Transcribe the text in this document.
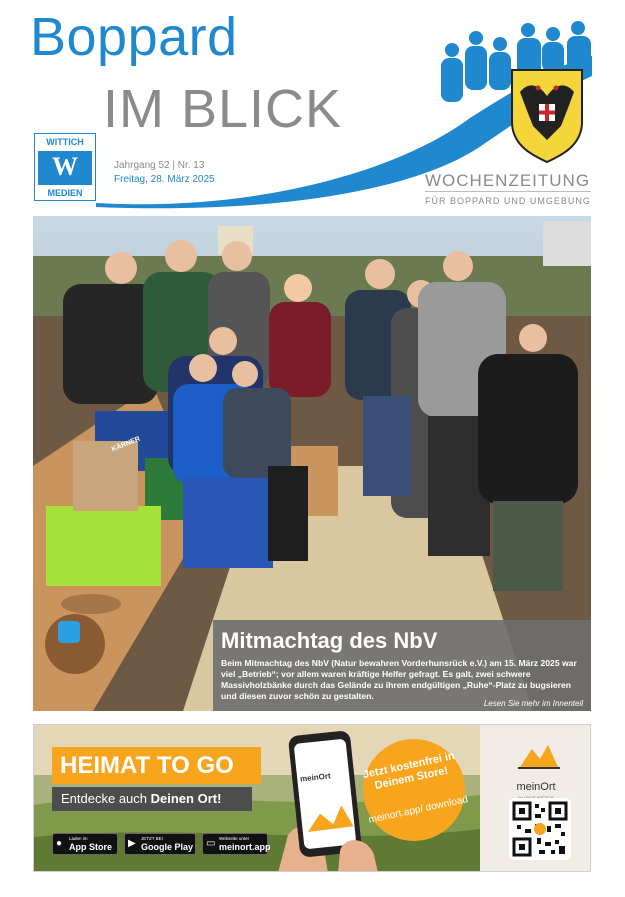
Boppard
IM BLICK
W
WITTICH
MEDIEN
Jahrgang 52 | Nr. 13
Freitag, 28. März 2025	WOCHENZEITUNG
FÜR BOPPARD UND UMGEBUNG
KÄRNER
Mitmachtag des NbV
Beim Mitmachtag des NbV (Natur bewahren Vorderhunsrück e.V.) am 15. März 2025 war viel „Betrieb“; vor allem waren kräftige Helfer gefragt. Es galt, zwei schwere Massivholzbänke durch das Gelände zu ihrem endgültigen „Ruhe“-Platz zu bugsieren und diesen zuvor schön zu gestalten.
Lesen Sie mehr im Innenteil
HEIMAT TO GO
Entdecke auch Deinen Ort!
● Laden im
App Store ▶ JETZT BEI
Google Play ▭ Webseite unter
meinort.app
meinOrt	Jetzt kostenfrei in Deinem Store!
meinort.app/ download
meinOrt
